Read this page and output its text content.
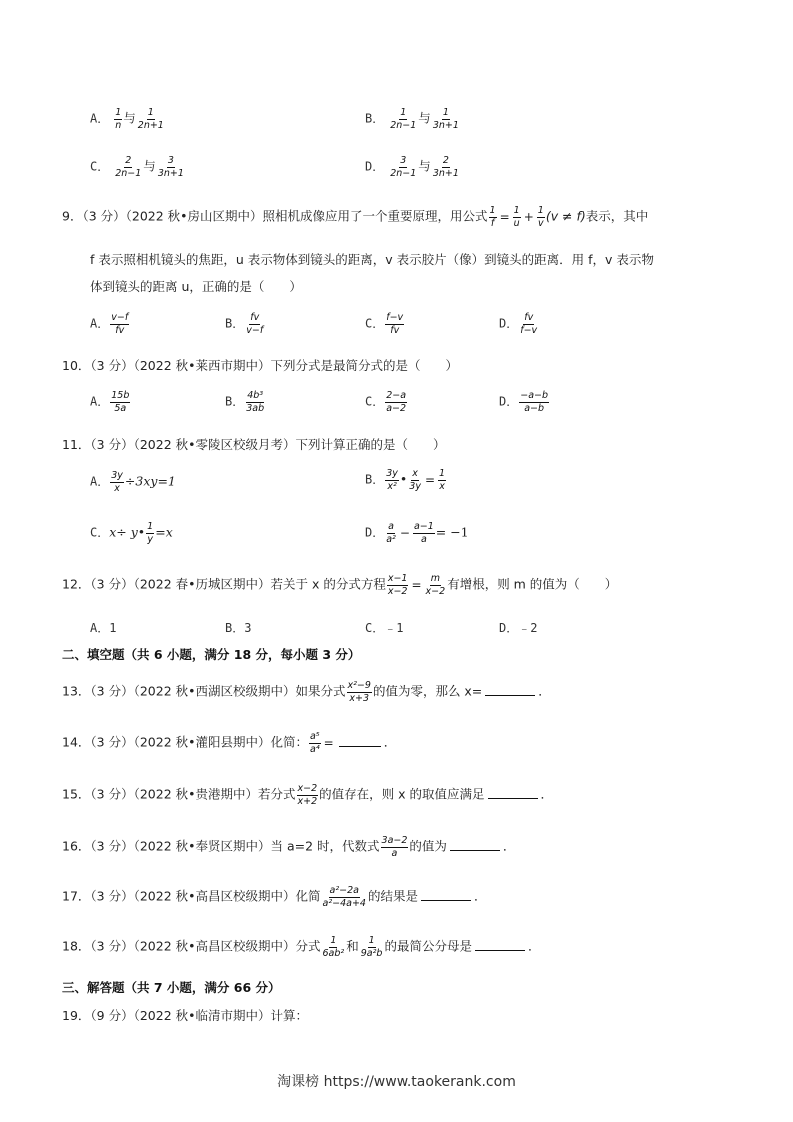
A． $\frac{1}{n}$ 与 $\frac{1}{2n+1}$	B． $\frac{1}{2n-1}$ 与 $\frac{1}{3n+1}$
C． $\frac{2}{2n-1}$ 与 $\frac{3}{3n+1}$	D． $\frac{3}{2n-1}$ 与 $\frac{2}{3n+1}$
9．（3 分）（2022 秋•房山区期中）照相机成像应用了一个重要原理，用公式 $\frac{1}{f} = \frac{1}{u} + \frac{1}{v} (v \ne f)$表示，其中
f 表示照相机镜头的焦距，u 表示物体到镜头的距离，v 表示胶片（像）到镜头的距离．用 f，v 表示物
体到镜头的距离 u，正确的是（　　）
A． $\frac{v-f}{fv}$	B． $\frac{fv}{v-f}$	C． $\frac{f-v}{fv}$	D． $\frac{fv}{f-v}$
10．（3 分）（2022 秋•莱西市期中）下列分式是最简分式的是（　　）
A． $\frac{15b}{5a}$	B． $\frac{\text{4b³}}{3ab}$	C． $\frac{2-a}{a-2}$	D． $\frac{-a-b}{a-b}$
11．（3 分）（2022 秋•零陵区校级月考）下列计算正确的是（　　）
A． $\frac{3y}{x} \div 3xy=1$	B． $\frac{3y}{\text{x²}}$ • $\frac{x}{3y} = \frac{1}{x}$
C．x÷ y• $\frac{1}{y} =x$	D． $\frac{a}{\text{a²}} - \frac{a-1}{a} = -1$
12．（3 分）（2022 春•历城区期中）若关于 x 的分式方程 $\frac{x-1}{x-2} = \frac{m}{x-2}$ 有增根，则 m 的值为（　　）
A．1	B．3	C．﹣1	D．﹣2
二、填空题（共 6 小题，满分 18 分，每小题 3 分）
13．（3 分）（2022 秋•西湖区校级期中）如果分式 $\frac{\text{x²−9}}{x+3}$ 的值为零，那么 x=	．
14．（3 分）（2022 秋•灌阳县期中）化简： $\frac{\text{a⁵}}{\text{a⁴}}$ =	．
15．（3 分）（2022 秋•贵港期中）若分式 $\frac{x-2}{x+2}$ 的值存在，则 x 的取值应满足	．
16．（3 分）（2022 秋•奉贤区期中）当 a=2 时，代数式 $\frac{3a-2}{a}$ 的值为	．
17．（3 分）（2022 秋•高昌区校级期中）化简 $\frac{\text{a²−2a}}{\text{a²−4a+4}}$ 的结果是	．
18．（3 分）（2022 秋•高昌区校级期中）分式 $\frac{1}{\text{6ab²}}$ 和 $\frac{1}{\text{9a²b}}$ 的最简公分母是	．
三、解答题（共 7 小题，满分 66 分）
19．（9 分）（2022 秋•临清市期中）计算：
淘课榜 https://www.taokerank.com
